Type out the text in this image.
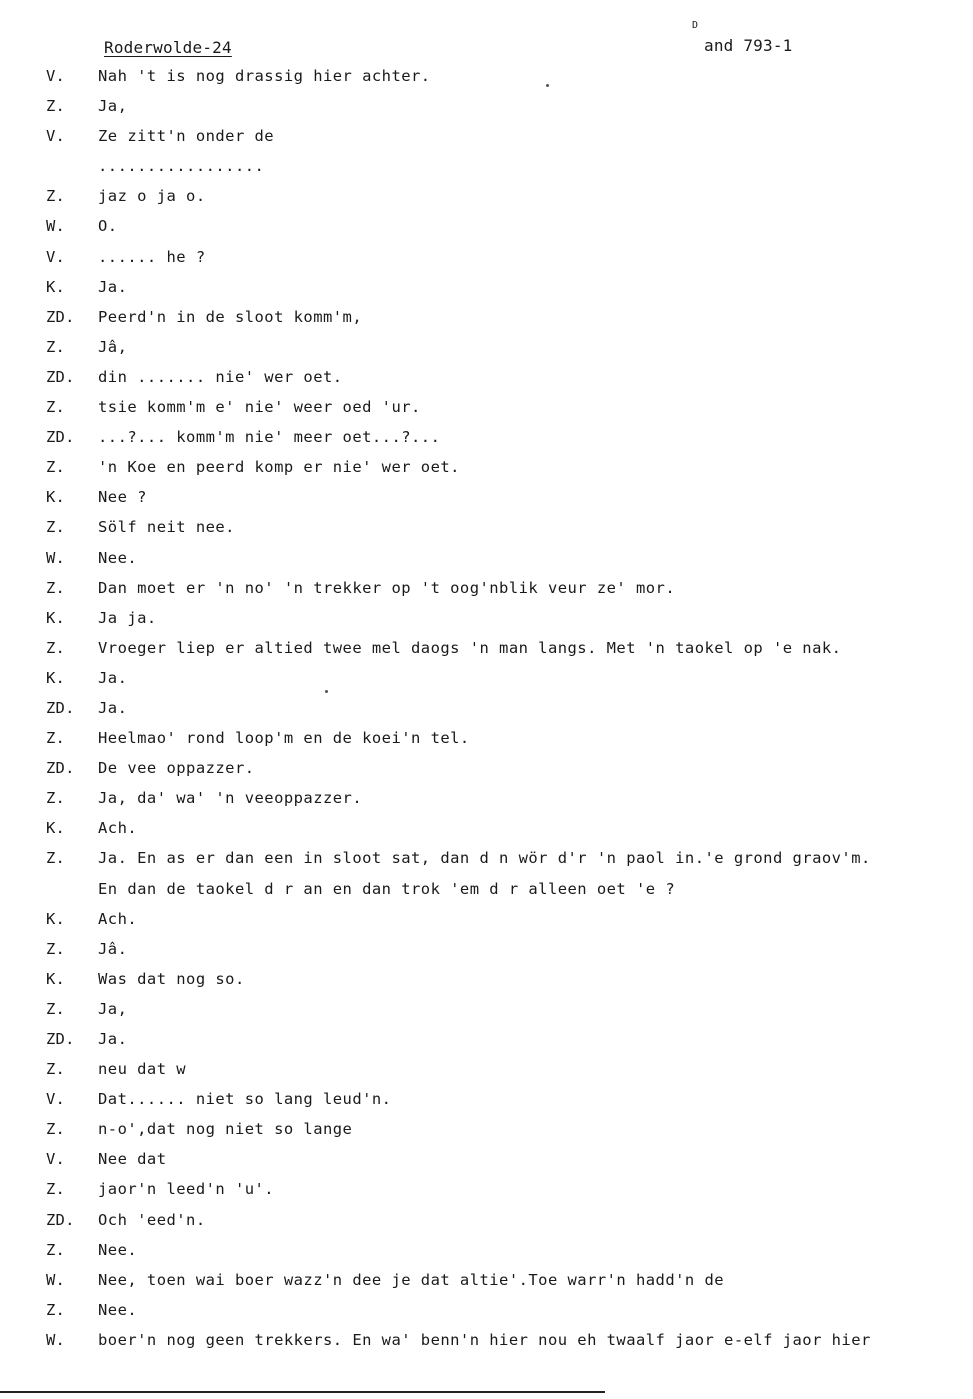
D
Roderwolde-24	and 793-1
V. Nah 't is nog drassig hier achter.
Z. Ja,
V. Ze zitt'n onder de
.................
Z. jaz o ja o.
W. O.
V. ...... he ?
K. Ja.
ZD. Peerd'n in de sloot komm'm,
Z. Jâ,
ZD. din ....... nie' wer oet.
Z. tsie komm'm e' nie' weer oed 'ur.
ZD. ...?... komm'm nie' meer oet...?...
Z. 'n Koe en peerd komp er nie' wer oet.
K. Nee ?
Z. Sölf neit nee.
W. Nee.
Z. Dan moet er 'n no' 'n trekker op 't oog'nblik veur ze' mor.
K. Ja ja.
Z. Vroeger liep er altied twee mel daogs 'n man langs. Met 'n taokel op 'e nak.
K. Ja.
ZD. Ja.
Z. Heelmao' rond loop'm en de koei'n tel.
ZD. De vee oppazzer.
Z. Ja, da' wa' 'n veeoppazzer.
K. Ach.
Z. Ja. En as er dan een in sloot sat, dan d n wör d'r 'n paol in.'e grond graov'm.
En dan de taokel d r an en dan trok 'em d r alleen oet 'e ?
K. Ach.
Z. Jâ.
K. Was dat nog so.
Z. Ja,
ZD. Ja.
Z. neu dat w
V. Dat...... niet so lang leud'n.
Z. n-o',dat nog niet so lange
V. Nee dat
Z. jaor'n leed'n 'u'.
ZD. Och 'eed'n.
Z. Nee.
W. Nee, toen wai boer wazz'n dee je dat altie'.Toe warr'n hadd'n de
Z. Nee.
W. boer'n nog geen trekkers. En wa' benn'n hier nou eh twaalf jaor e-elf jaor hier
